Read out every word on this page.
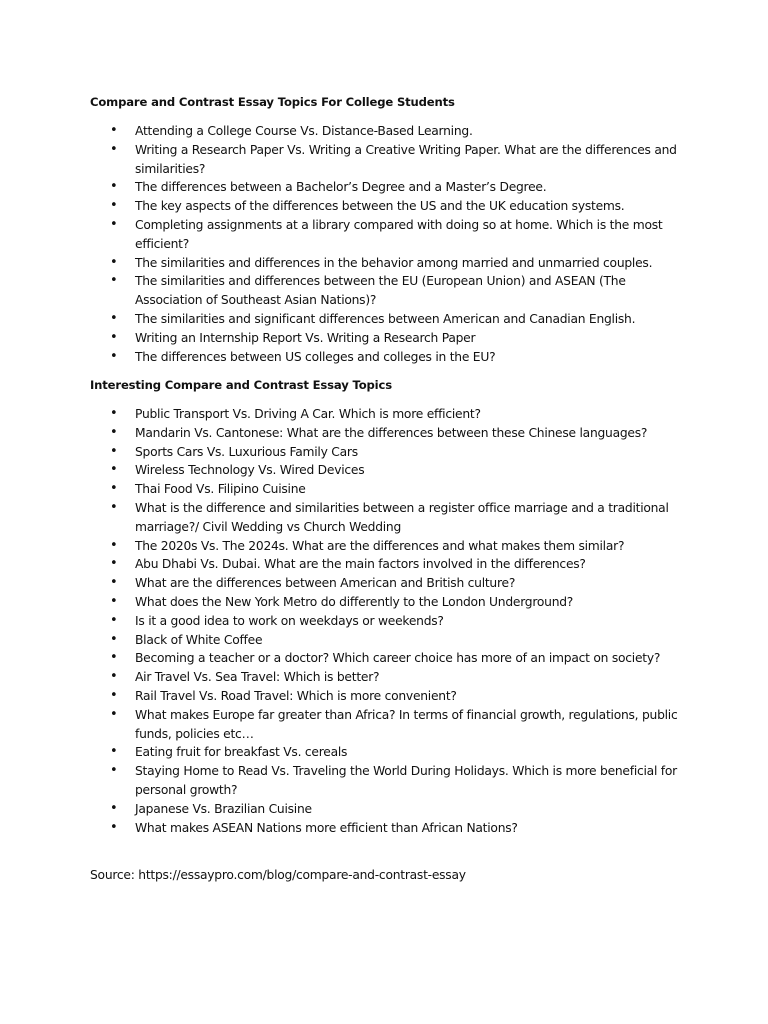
Compare and Contrast Essay Topics For College Students

• Attending a College Course Vs. Distance-Based Learning.
• Writing a Research Paper Vs. Writing a Creative Writing Paper. What are the differences and similarities?
• The differences between a Bachelor’s Degree and a Master’s Degree.
• The key aspects of the differences between the US and the UK education systems.
• Completing assignments at a library compared with doing so at home. Which is the most efficient?
• The similarities and differences in the behavior among married and unmarried couples.
• The similarities and differences between the EU (European Union) and ASEAN (The Association of Southeast Asian Nations)?
• The similarities and significant differences between American and Canadian English.
• Writing an Internship Report Vs. Writing a Research Paper
• The differences between US colleges and colleges in the EU?

Interesting Compare and Contrast Essay Topics

• Public Transport Vs. Driving A Car. Which is more efficient?
• Mandarin Vs. Cantonese: What are the differences between these Chinese languages?
• Sports Cars Vs. Luxurious Family Cars
• Wireless Technology Vs. Wired Devices
• Thai Food Vs. Filipino Cuisine
• What is the difference and similarities between a register office marriage and a traditional marriage?/ Civil Wedding vs Church Wedding
• The 2020s Vs. The 2024s. What are the differences and what makes them similar?
• Abu Dhabi Vs. Dubai. What are the main factors involved in the differences?
• What are the differences between American and British culture?
• What does the New York Metro do differently to the London Underground?
• Is it a good idea to work on weekdays or weekends?
• Black of White Coffee
• Becoming a teacher or a doctor? Which career choice has more of an impact on society?
• Air Travel Vs. Sea Travel: Which is better?
• Rail Travel Vs. Road Travel: Which is more convenient?
• What makes Europe far greater than Africa? In terms of financial growth, regulations, public funds, policies etc…
• Eating fruit for breakfast Vs. cereals
• Staying Home to Read Vs. Traveling the World During Holidays. Which is more beneficial for personal growth?
• Japanese Vs. Brazilian Cuisine
• What makes ASEAN Nations more efficient than African Nations?

Source: https://essaypro.com/blog/compare-and-contrast-essay
